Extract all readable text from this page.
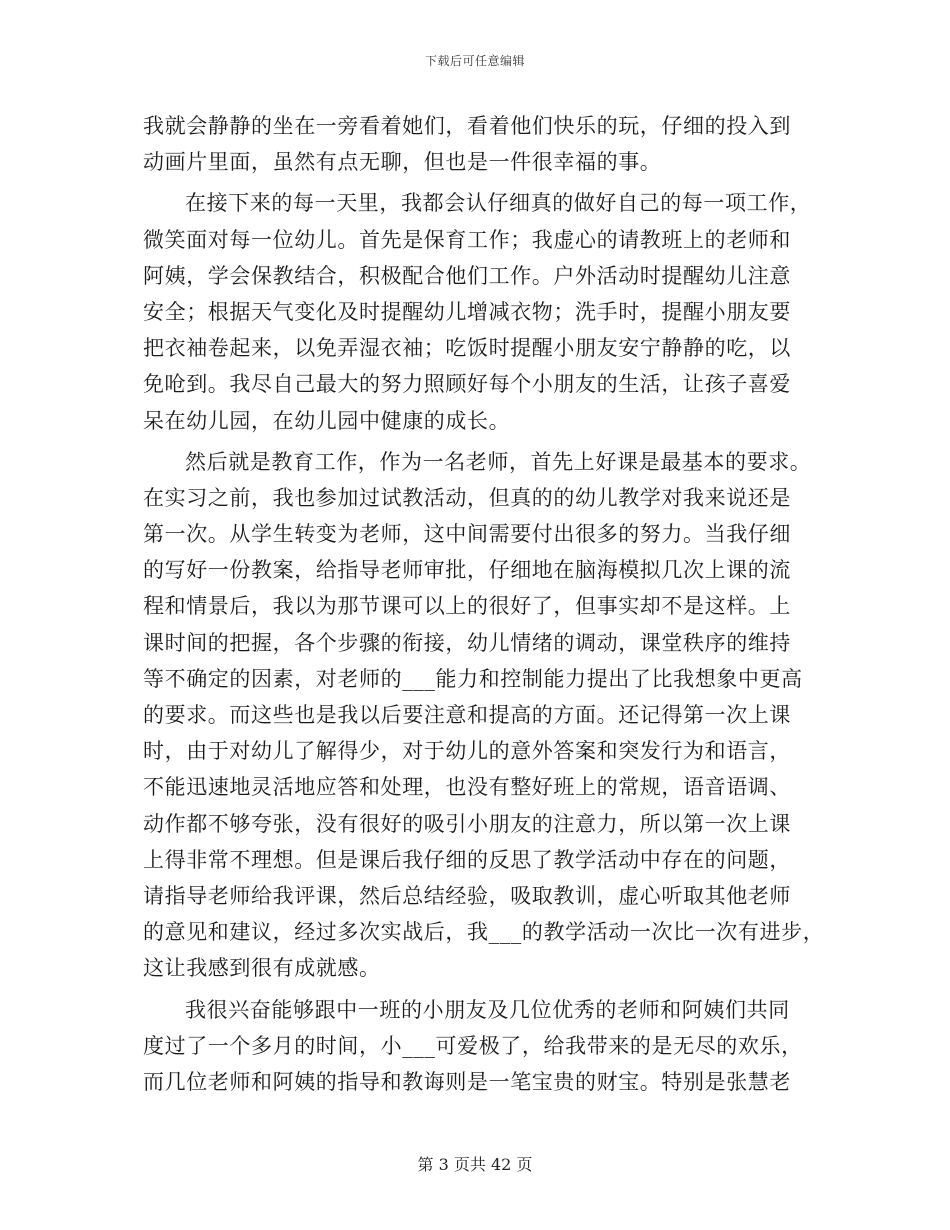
下载后可任意编辑
我就会静静的坐在一旁看着她们，看着他们快乐的玩，仔细的投入到
动画片里面，虽然有点无聊，但也是一件很幸福的事。
在接下来的每一天里，我都会认仔细真的做好自己的每一项工作，
微笑面对每一位幼儿。首先是保育工作；我虚心的请教班上的老师和
阿姨，学会保教结合，积极配合他们工作。户外活动时提醒幼儿注意
安全；根据天气变化及时提醒幼儿增减衣物；洗手时，提醒小朋友要
把衣袖卷起来，以免弄湿衣袖；吃饭时提醒小朋友安宁静静的吃，以
免呛到。我尽自己最大的努力照顾好每个小朋友的生活，让孩子喜爱
呆在幼儿园，在幼儿园中健康的成长。
然后就是教育工作，作为一名老师，首先上好课是最基本的要求。
在实习之前，我也参加过试教活动，但真的的幼儿教学对我来说还是
第一次。从学生转变为老师，这中间需要付出很多的努力。当我仔细
的写好一份教案，给指导老师审批，仔细地在脑海模拟几次上课的流
程和情景后，我以为那节课可以上的很好了，但事实却不是这样。上
课时间的把握，各个步骤的衔接，幼儿情绪的调动，课堂秩序的维持
等不确定的因素，对老师的___能力和控制能力提出了比我想象中更高
的要求。而这些也是我以后要注意和提高的方面。还记得第一次上课
时，由于对幼儿了解得少，对于幼儿的意外答案和突发行为和语言，
不能迅速地灵活地应答和处理，也没有整好班上的常规，语音语调、
动作都不够夸张，没有很好的吸引小朋友的注意力，所以第一次上课
上得非常不理想。但是课后我仔细的反思了教学活动中存在的问题，
请指导老师给我评课，然后总结经验，吸取教训，虚心听取其他老师
的意见和建议，经过多次实战后，我___的教学活动一次比一次有进步，
这让我感到很有成就感。
我很兴奋能够跟中一班的小朋友及几位优秀的老师和阿姨们共同
度过了一个多月的时间，小___可爱极了，给我带来的是无尽的欢乐，
而几位老师和阿姨的指导和教诲则是一笔宝贵的财宝。特别是张慧老
第 3 页共 42 页
